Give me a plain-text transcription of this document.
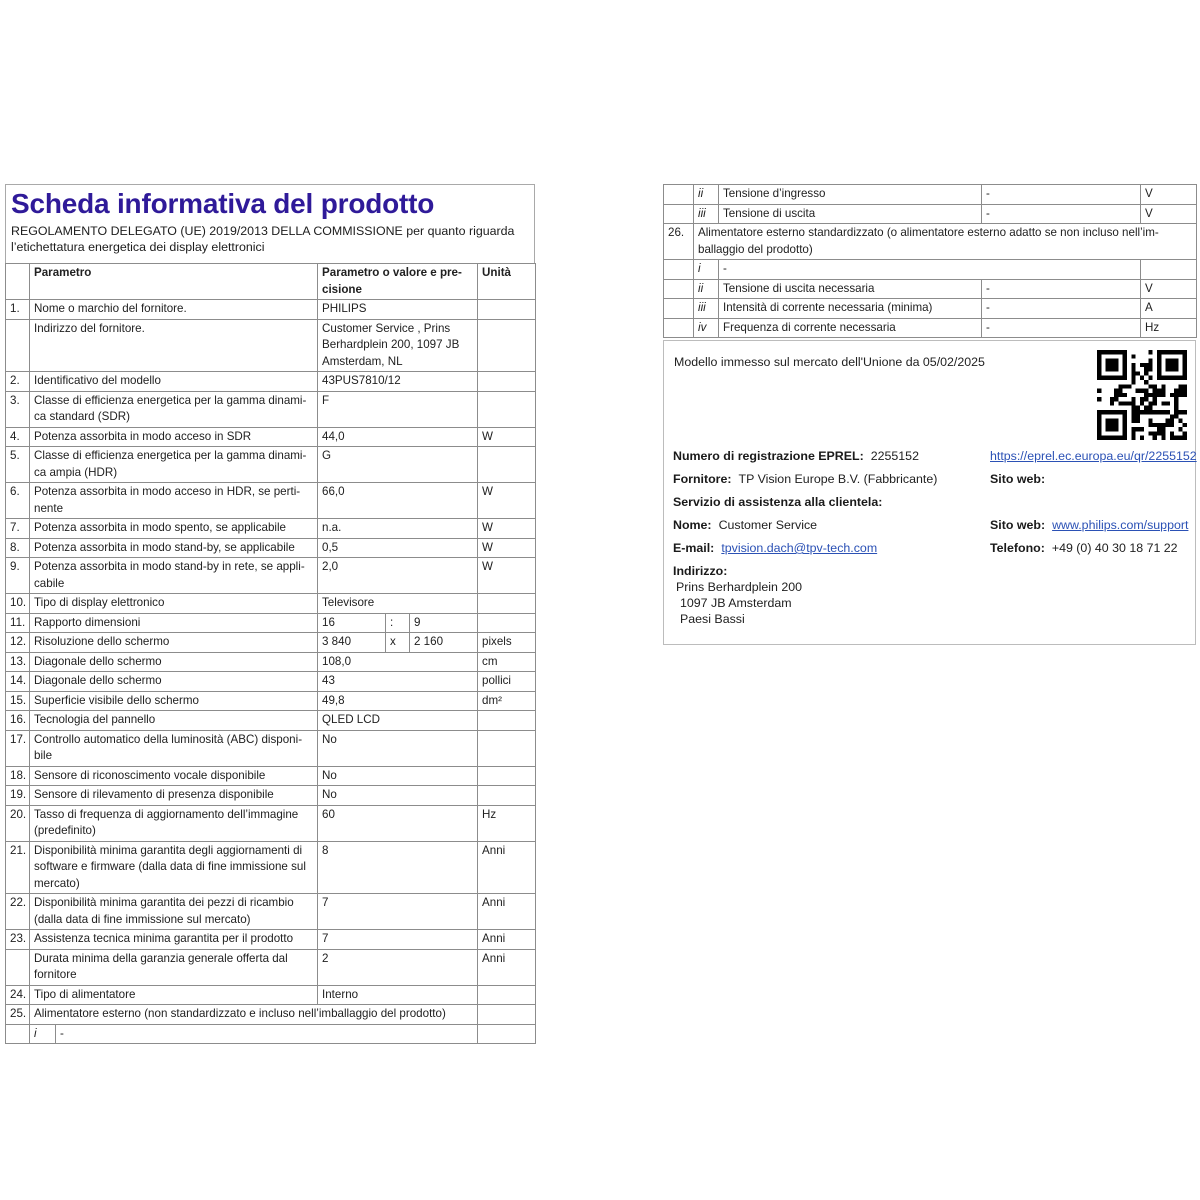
Scheda informativa del prodotto

REGOLAMENTO DELEGATO (UE) 2019/2013 DELLA COMMISSIONE per quanto riguarda l’etichettatura energetica dei display elettronici

	Parametro		Parametro o valore e precisione			Unità
1.	Nome o marchio del fornitore.		PHILIPS			
	Indirizzo del fornitore.		Customer Service , Prins Berhardplein 200, 1097 JB Amsterdam, NL			
2.	Identificativo del modello		43PUS7810/12			
3.	Classe di efficienza energetica per la gamma dinamica standard (SDR)		F			
4.	Potenza assorbita in modo acceso in SDR		44,0			W
5.	Classe di efficienza energetica per la gamma dinamica ampia (HDR)		G			
6.	Potenza assorbita in modo acceso in HDR, se pertinente		66,0			W
7.	Potenza assorbita in modo spento, se applicabile		n.a.			W
8.	Potenza assorbita in modo stand-by, se applicabile		0,5			W
9.	Potenza assorbita in modo stand-by in rete, se applicabile		2,0			W
10.	Tipo di display elettronico		Televisore			
11.	Rapporto dimensioni		16	:	9	
12.	Risoluzione dello schermo		3 840	x	2 160	pixels
13.	Diagonale dello schermo		108,0			cm
14.	Diagonale dello schermo		43			pollici
15.	Superficie visibile dello schermo		49,8			dm²
16.	Tecnologia del pannello		QLED LCD			
17.	Controllo automatico della luminosità (ABC) disponibile		No			
18.	Sensore di riconoscimento vocale disponibile		No			
19.	Sensore di rilevamento di presenza disponibile		No			
20.	Tasso di frequenza di aggiornamento dell’immagine (predefinito)		60			Hz
21.	Disponibilità minima garantita degli aggiornamenti di software e firmware (dalla data di fine immissione sul mercato)		8			Anni
22.	Disponibilità minima garantita dei pezzi di ricambio (dalla data di fine immissione sul mercato)		7			Anni
23.	Assistenza tecnica minima garantita per il prodotto		7			Anni
	Durata minima della garanzia generale offerta dal fornitore		2			Anni
24.	Tipo di alimentatore		Interno			
25.	Alimentatore esterno (non standardizzato e incluso nell’imballaggio del prodotto)					
	i	-				
	ii	Tensione d’ingresso	-	V
	iii	Tensione di uscita	-	V
26.	Alimentatore esterno standardizzato (o alimentatore esterno adatto se non incluso nell’imballaggio del prodotto)			
	i	-		
	ii	Tensione di uscita necessaria	-	V
	iii	Intensità di corrente necessaria (minima)	-	A
	iv	Frequenza di corrente necessaria	-	Hz

Modello immesso sul mercato dell'Unione da 05/02/2025

Numero di registrazione EPREL: 2255152	https://eprel.ec.europa.eu/qr/2255152
Fornitore: TP Vision Europe B.V. (Fabbricante)	Sito web:
Servizio di assistenza alla clientela:
Nome: Customer Service	Sito web: www.philips.com/support
E-mail: tpvision.dach@tpv-tech.com	Telefono: +49 (0) 40 30 18 71 22
Indirizzo:
Prins Berhardplein 200
1097 JB Amsterdam
Paesi Bassi
